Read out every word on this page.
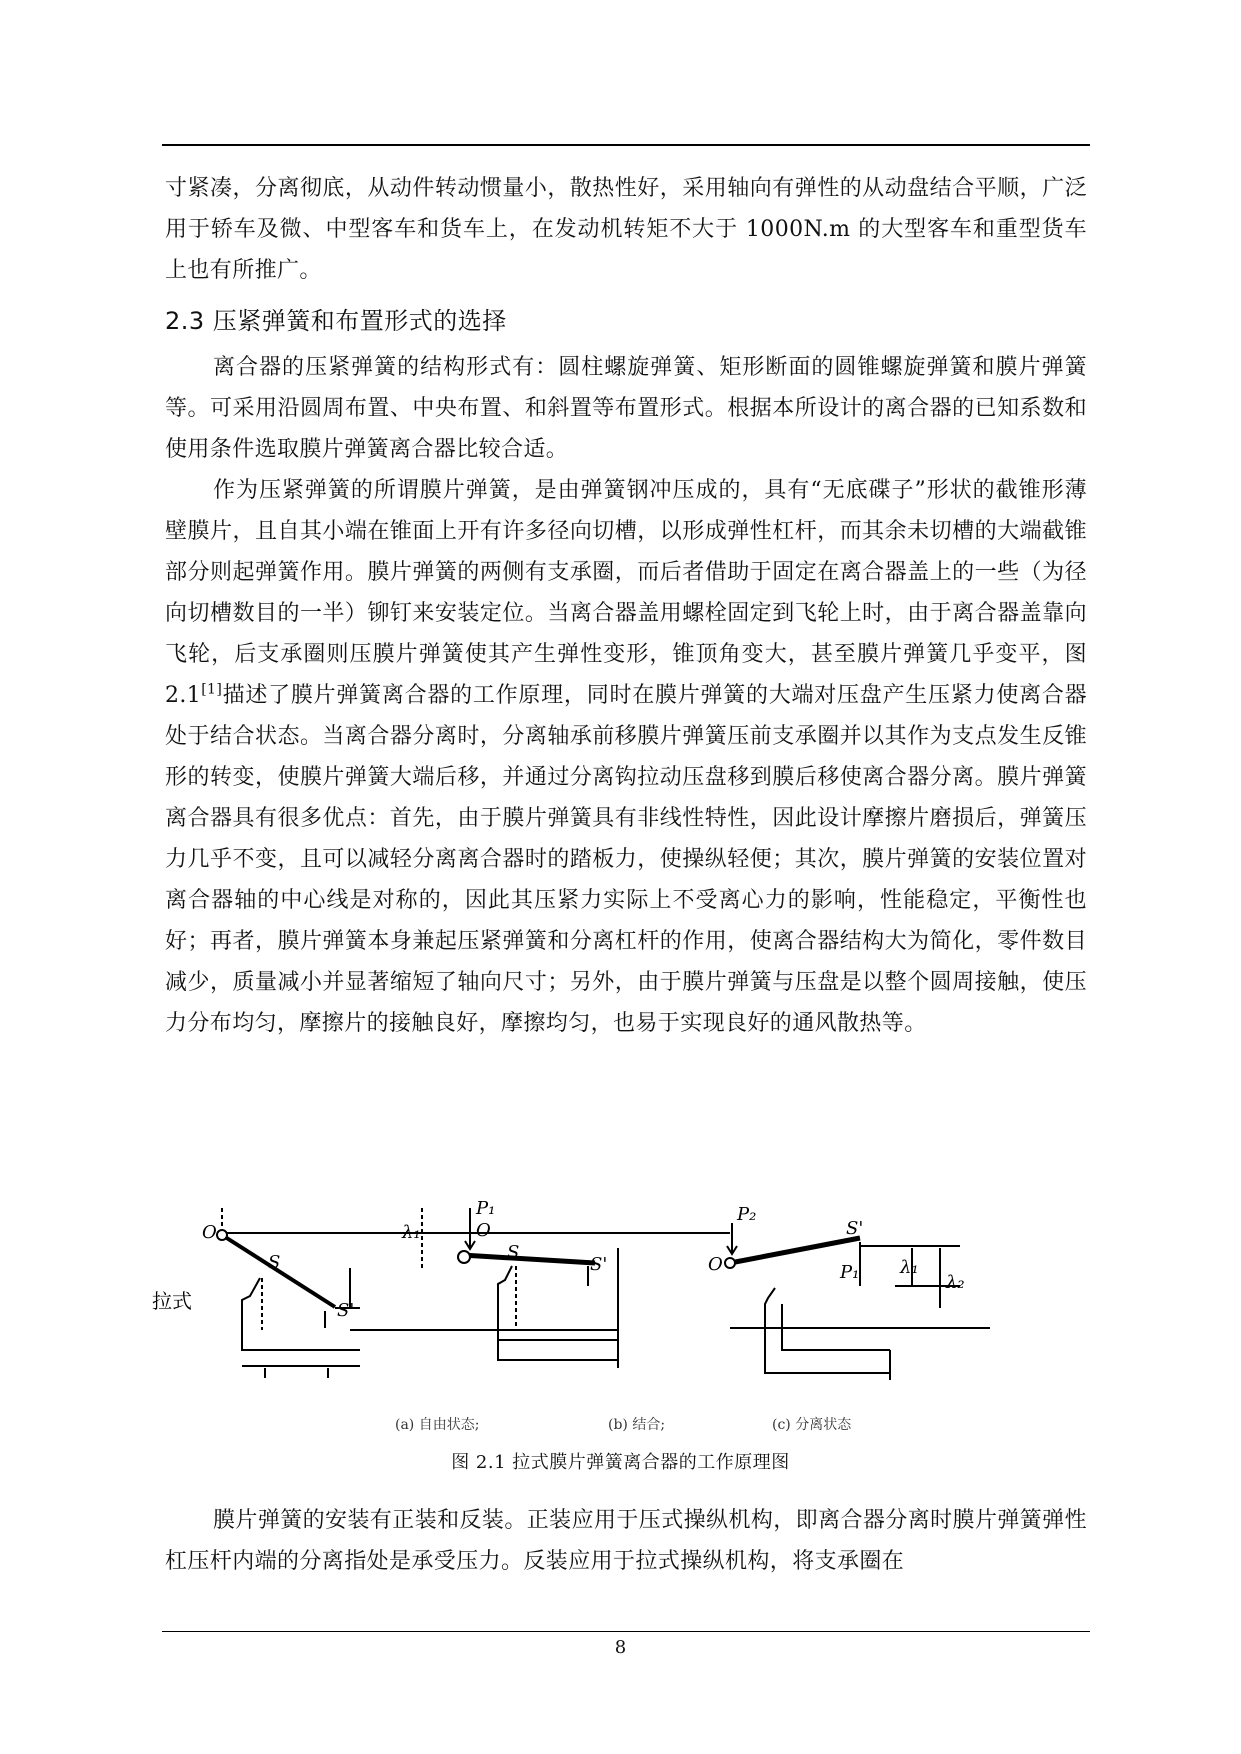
寸紧凑，分离彻底，从动件转动惯量小，散热性好，采用轴向有弹性的从动盘结合平顺，广泛用于轿车及微、中型客车和货车上，在发动机转矩不大于 1000N.m 的大型客车和重型货车上也有所推广。

2.3 压紧弹簧和布置形式的选择

离合器的压紧弹簧的结构形式有：圆柱螺旋弹簧、矩形断面的圆锥螺旋弹簧和膜片弹簧等。可采用沿圆周布置、中央布置、和斜置等布置形式。根据本所设计的离合器的已知系数和使用条件选取膜片弹簧离合器比较合适。

作为压紧弹簧的所谓膜片弹簧，是由弹簧钢冲压成的，具有“无底碟子”形状的截锥形薄壁膜片，且自其小端在锥面上开有许多径向切槽，以形成弹性杠杆，而其余未切槽的大端截锥部分则起弹簧作用。膜片弹簧的两侧有支承圈，而后者借助于固定在离合器盖上的一些（为径向切槽数目的一半）铆钉来安装定位。当离合器盖用螺栓固定到飞轮上时，由于离合器盖靠向飞轮，后支承圈则压膜片弹簧使其产生弹性变形，锥顶角变大，甚至膜片弹簧几乎变平，图 2.1[1]描述了膜片弹簧离合器的工作原理，同时在膜片弹簧的大端对压盘产生压紧力使离合器处于结合状态。当离合器分离时，分离轴承前移膜片弹簧压前支承圈并以其作为支点发生反锥形的转变，使膜片弹簧大端后移，并通过分离钩拉动压盘移到膜后移使离合器分离。膜片弹簧离合器具有很多优点：首先，由于膜片弹簧具有非线性特性，因此设计摩擦片磨损后，弹簧压力几乎不变，且可以减轻分离离合器时的踏板力，使操纵轻便；其次，膜片弹簧的安装位置对离合器轴的中心线是对称的，因此其压紧力实际上不受离心力的影响，性能稳定，平衡性也好；再者，膜片弹簧本身兼起压紧弹簧和分离杠杆的作用，使离合器结构大为简化，零件数目减少，质量减小并显著缩短了轴向尺寸；另外，由于膜片弹簧与压盘是以整个圆周接触，使压力分布均匀，摩擦片的接触良好，摩擦均匀，也易于实现良好的通风散热等。

O
S
S'
P₁
O
S
S'
λ₁
P₂
O
S'
P₁ λ₁
λ₂
拉式
(a) 自由状态;	(b) 结合;	(c) 分离状态
图 2.1 拉式膜片弹簧离合器的工作原理图

膜片弹簧的安装有正装和反装。正装应用于压式操纵机构，即离合器分离时膜片弹簧弹性杠压杆内端的分离指处是承受压力。反装应用于拉式操纵机构，将支承圈在

8
